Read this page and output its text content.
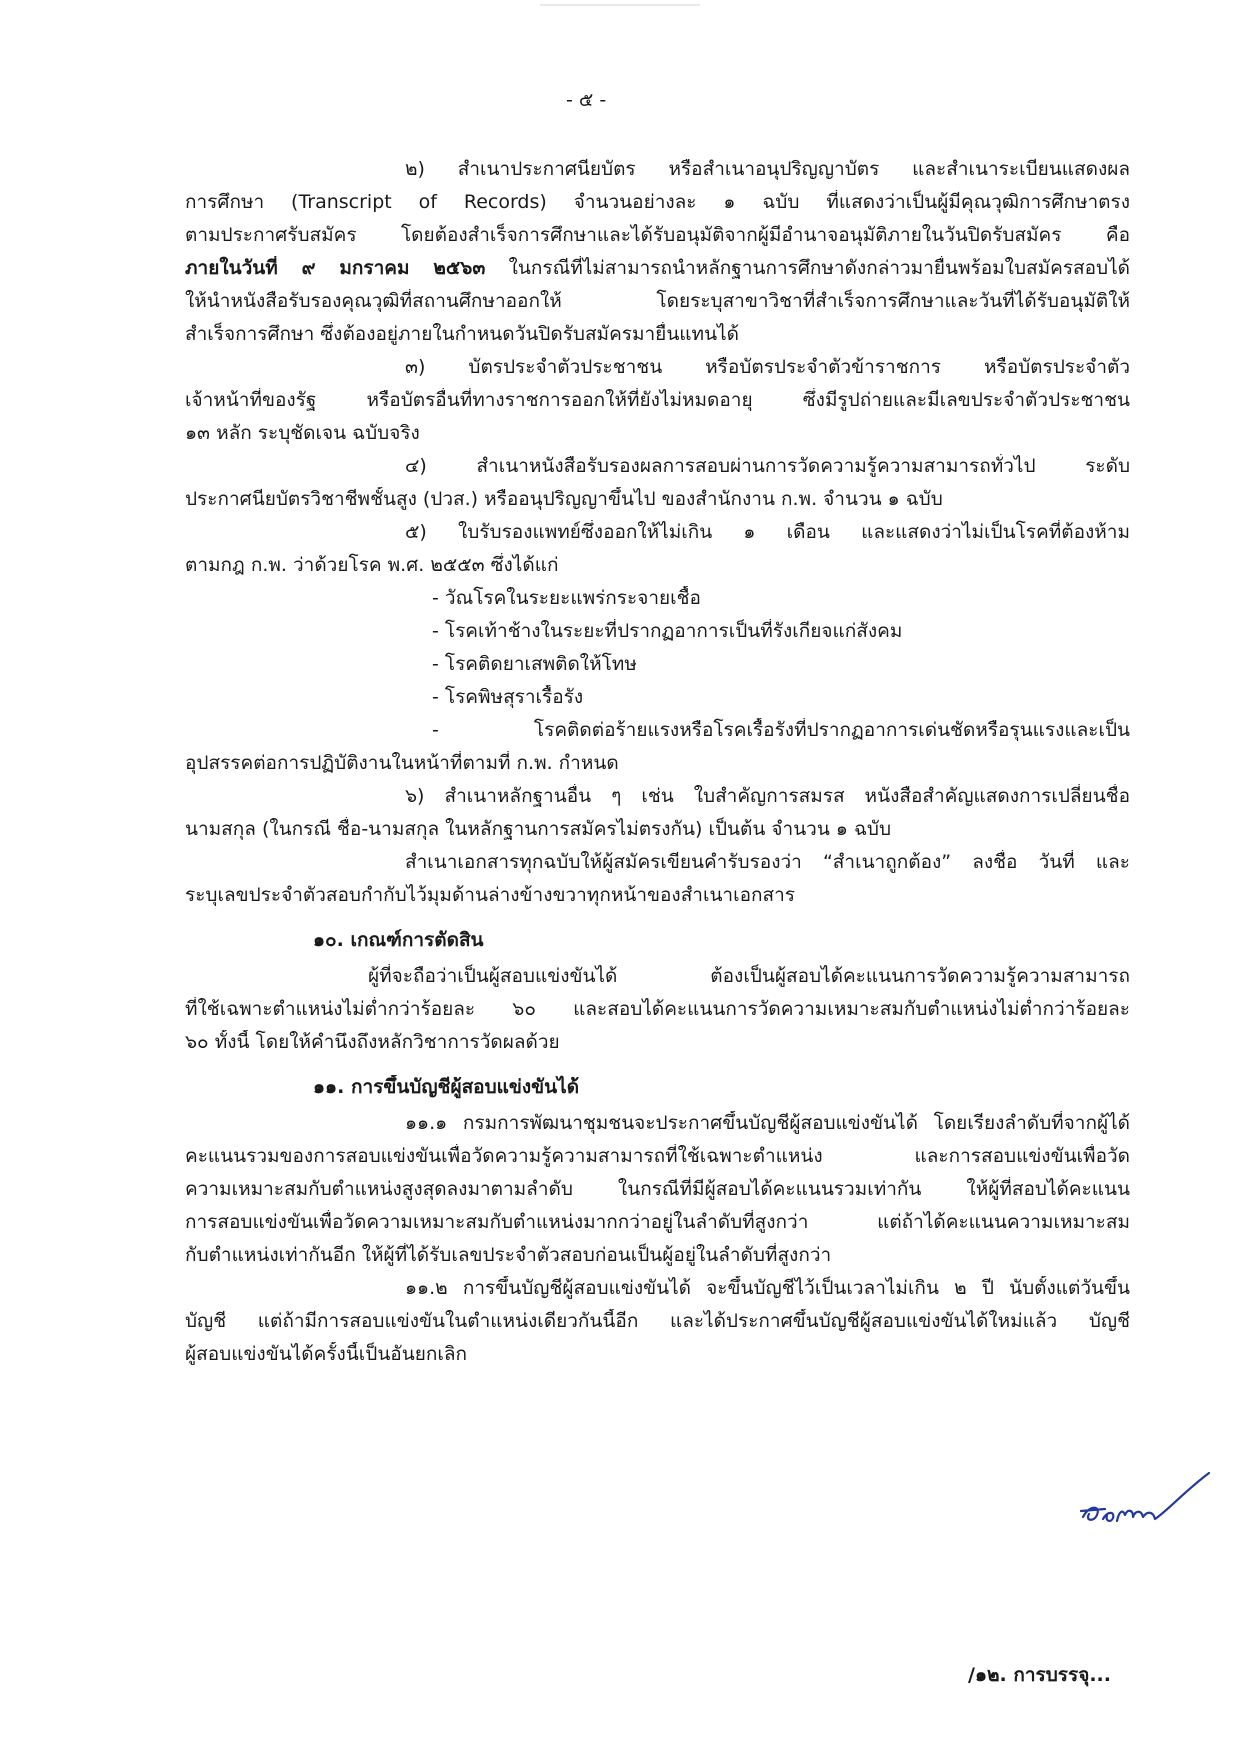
- ๕ -
๒) สำเนาประกาศนียบัตร หรือสำเนาอนุปริญญาบัตร และสำเนาระเบียนแสดงผล
การศึกษา (Transcript of Records) จำนวนอย่างละ ๑ ฉบับ ที่แสดงว่าเป็นผู้มีคุณวุฒิการศึกษาตรง
ตามประกาศรับสมัคร โดยต้องสำเร็จการศึกษาและได้รับอนุมัติจากผู้มีอำนาจอนุมัติภายในวันปิดรับสมัคร คือ
ภายในวันที่ ๙ มกราคม ๒๕๖๓ ในกรณีที่ไม่สามารถนำหลักฐานการศึกษาดังกล่าวมายื่นพร้อมใบสมัครสอบได้
ให้นำหนังสือรับรองคุณวุฒิที่สถานศึกษาออกให้ โดยระบุสาขาวิชาที่สำเร็จการศึกษาและวันที่ได้รับอนุมัติให้
สำเร็จการศึกษา ซึ่งต้องอยู่ภายในกำหนดวันปิดรับสมัครมายื่นแทนได้
๓) บัตรประจำตัวประชาชน หรือบัตรประจำตัวข้าราชการ หรือบัตรประจำตัว
เจ้าหน้าที่ของรัฐ หรือบัตรอื่นที่ทางราชการออกให้ที่ยังไม่หมดอายุ ซึ่งมีรูปถ่ายและมีเลขประจำตัวประชาชน
๑๓ หลัก ระบุชัดเจน ฉบับจริง
๔) สำเนาหนังสือรับรองผลการสอบผ่านการวัดความรู้ความสามารถทั่วไป ระดับ
ประกาศนียบัตรวิชาชีพชั้นสูง (ปวส.) หรืออนุปริญญาขึ้นไป ของสำนักงาน ก.พ. จำนวน ๑ ฉบับ
๕) ใบรับรองแพทย์ซึ่งออกให้ไม่เกิน ๑ เดือน และแสดงว่าไม่เป็นโรคที่ต้องห้าม
ตามกฎ ก.พ. ว่าด้วยโรค พ.ศ. ๒๕๕๓ ซึ่งได้แก่
- วัณโรคในระยะแพร่กระจายเชื้อ
- โรคเท้าช้างในระยะที่ปรากฏอาการเป็นที่รังเกียจแก่สังคม
- โรคติดยาเสพติดให้โทษ
- โรคพิษสุราเรื้อรัง
- โรคติดต่อร้ายแรงหรือโรคเรื้อรังที่ปรากฏอาการเด่นชัดหรือรุนแรงและเป็น
อุปสรรคต่อการปฏิบัติงานในหน้าที่ตามที่ ก.พ. กำหนด
๖) สำเนาหลักฐานอื่น ๆ เช่น ใบสำคัญการสมรส หนังสือสำคัญแสดงการเปลี่ยนชื่อ
นามสกุล (ในกรณี ชื่อ-นามสกุล ในหลักฐานการสมัครไม่ตรงกัน) เป็นต้น จำนวน ๑ ฉบับ
สำเนาเอกสารทุกฉบับให้ผู้สมัครเขียนคำรับรองว่า “สำเนาถูกต้อง” ลงชื่อ วันที่ และ
ระบุเลขประจำตัวสอบกำกับไว้มุมด้านล่างข้างขวาทุกหน้าของสำเนาเอกสาร
๑๐. เกณฑ์การตัดสิน
ผู้ที่จะถือว่าเป็นผู้สอบแข่งขันได้ ต้องเป็นผู้สอบได้คะแนนการวัดความรู้ความสามารถ
ที่ใช้เฉพาะตำแหน่งไม่ต่ำกว่าร้อยละ ๖๐ และสอบได้คะแนนการวัดความเหมาะสมกับตำแหน่งไม่ต่ำกว่าร้อยละ
๖๐ ทั้งนี้ โดยให้คำนึงถึงหลักวิชาการวัดผลด้วย
๑๑. การขึ้นบัญชีผู้สอบแข่งขันได้
๑๑.๑ กรมการพัฒนาชุมชนจะประกาศขึ้นบัญชีผู้สอบแข่งขันได้ โดยเรียงลำดับที่จากผู้ได้
คะแนนรวมของการสอบแข่งขันเพื่อวัดความรู้ความสามารถที่ใช้เฉพาะตำแหน่ง และการสอบแข่งขันเพื่อวัด
ความเหมาะสมกับตำแหน่งสูงสุดลงมาตามลำดับ ในกรณีที่มีผู้สอบได้คะแนนรวมเท่ากัน ให้ผู้ที่สอบได้คะแนน
การสอบแข่งขันเพื่อวัดความเหมาะสมกับตำแหน่งมากกว่าอยู่ในลำดับที่สูงกว่า แต่ถ้าได้คะแนนความเหมาะสม
กับตำแหน่งเท่ากันอีก ให้ผู้ที่ได้รับเลขประจำตัวสอบก่อนเป็นผู้อยู่ในลำดับที่สูงกว่า
๑๑.๒ การขึ้นบัญชีผู้สอบแข่งขันได้ จะขึ้นบัญชีไว้เป็นเวลาไม่เกิน ๒ ปี นับตั้งแต่วันขึ้น
บัญชี แต่ถ้ามีการสอบแข่งขันในตำแหน่งเดียวกันนี้อีก และได้ประกาศขึ้นบัญชีผู้สอบแข่งขันได้ใหม่แล้ว บัญชี
ผู้สอบแข่งขันได้ครั้งนี้เป็นอันยกเลิก
/๑๒. การบรรจุ...
